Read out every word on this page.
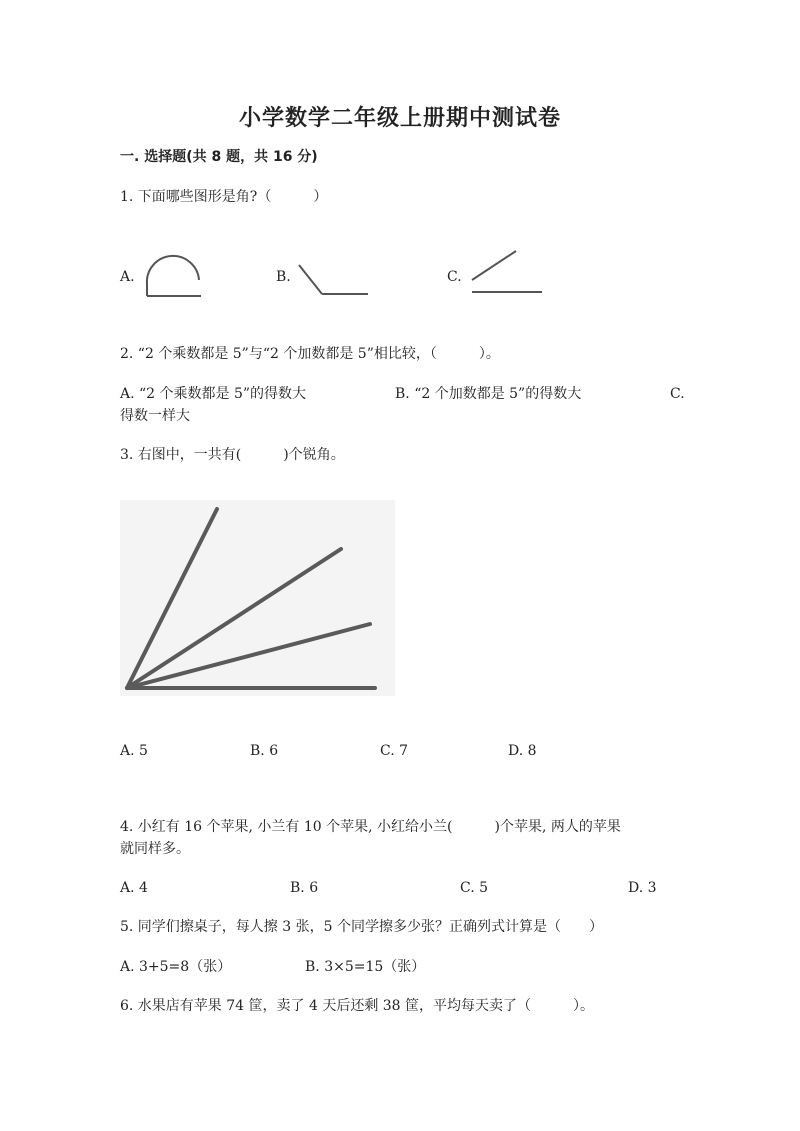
小学数学二年级上册期中测试卷
一. 选择题(共 8 题，共 16 分)
1. 下面哪些图形是角?（　　　）
A.	B.	C.
2. “2 个乘数都是 5”与“2 个加数都是 5”相比较，（　　　）。
A. “2 个乘数都是 5”的得数大	B. “2 个加数都是 5”的得数大	C.
得数一样大
3. 右图中，一共有(　　　)个锐角。
A. 5	B. 6	C. 7	D. 8
4. 小红有 16 个苹果, 小兰有 10 个苹果, 小红给小兰(　　　)个苹果, 两人的苹果
就同样多。
A. 4	B. 6	C. 5	D. 3
5. 同学们擦桌子，每人擦 3 张，5 个同学擦多少张？正确列式计算是（　　）
A. 3+5=8（张）	B. 3×5=15（张）
6. 水果店有苹果 74 筐，卖了 4 天后还剩 38 筐，平均每天卖了（　　　）。
